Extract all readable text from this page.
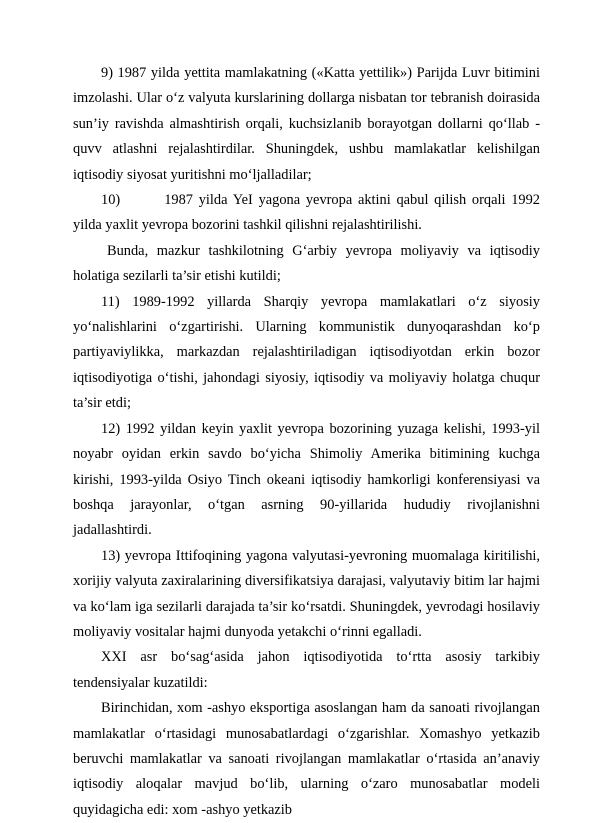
9) 1987 yilda yettita mamlakatning («Katta yettilik») Parijda Luvr bitimini imzolashi. Ular o‘z valyuta kurslarining dollarga nisbatan tor tebranish doirasida sun’iy ravishda almashtirish orqali, kuchsizlanib borayotgan dollarni qo‘llab -quvv atlashni rejalashtirdilar. Shuningdek, ushbu mamlakatlar kelishilgan iqtisodiy siyosat yuritishni mo‘ljalladilar;

10)	1987 yilda YeI yagona yevropa aktini qabul qilish orqali 1992 yilda yaxlit yevropa bozorini tashkil qilishni rejalashtirilishi.

Bunda, mazkur tashkilotning G‘arbiy yevropa moliyaviy va iqtisodiy holatiga sezilarli ta’sir etishi kutildi;

11) 1989-1992 yillarda Sharqiy yevropa mamlakatlari o‘z siyosiy yo‘nalishlarini o‘zgartirishi. Ularning kommunistik dunyoqarashdan ko‘p partiyaviylikka, markazdan rejalashtiriladigan iqtisodiyotdan erkin bozor iqtisodiyotiga o‘tishi, jahondagi siyosiy, iqtisodiy va moliyaviy holatga chuqur ta’sir etdi;

12) 1992 yildan keyin yaxlit yevropa bozorining yuzaga kelishi, 1993-yil noyabr oyidan erkin savdo bo‘yicha Shimoliy Amerika bitimining kuchga kirishi, 1993-yilda Osiyo Tinch okeani iqtisodiy hamkorligi konferensiyasi va boshqa jarayonlar, o‘tgan asrning 90-yillarida hududiy rivojlanishni jadallashtirdi.

13) yevropa Ittifoqining yagona valyutasi-yevroning muomalaga kiritilishi, xorijiy valyuta zaxiralarining diversifikatsiya darajasi, valyutaviy bitim lar hajmi va ko‘lam iga sezilarli darajada ta’sir ko‘rsatdi. Shuningdek, yevrodagi hosilaviy moliyaviy vositalar hajmi dunyoda yetakchi o‘rinni egalladi.

XXI asr bo‘sag‘asida jahon iqtisodiyotida to‘rtta asosiy tarkibiy tendensiyalar kuzatildi:

Birinchidan, xom -ashyo eksportiga asoslangan ham da sanoati rivojlangan mamlakatlar o‘rtasidagi munosabatlardagi o‘zgarishlar. Xomashyo yetkazib beruvchi mamlakatlar va sanoati rivojlangan mamlakatlar o‘rtasida an’anaviy iqtisodiy aloqalar mavjud bo‘lib, ularning o‘zaro munosabatlar modeli quyidagicha edi: xom -ashyo yetkazib
